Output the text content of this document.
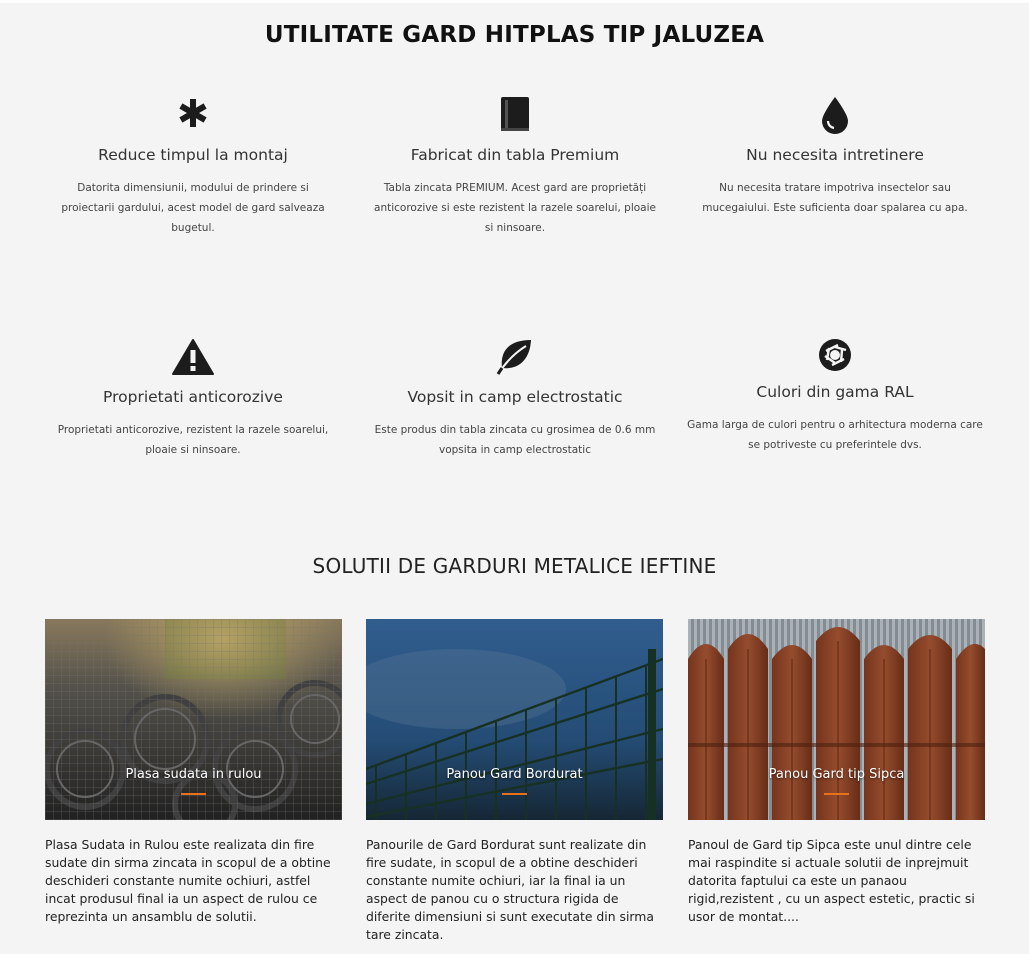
UTILITATE GARD HITPLAS TIP JALUZEA
Reduce timpul la montaj

Datorita dimensiunii, modului de prindere si proiectarii gardului, acest model de gard salveaza bugetul.

Fabricat din tabla Premium

Tabla zincata PREMIUM. Acest gard are proprietăți anticorozive si este rezistent la razele soarelui, ploaie si ninsoare.

Nu necesita intretinere

Nu necesita tratare impotriva insectelor sau mucegaiului. Este suficienta doar spalarea cu apa.

Proprietati anticorozive

Proprietati anticorozive, rezistent la razele soarelui, ploaie si ninsoare.

Vopsit in camp electrostatic

Este produs din tabla zincata cu grosimea de 0.6 mm vopsita in camp electrostatic

Culori din gama RAL

Gama larga de culori pentru o arhitectura moderna care se potriveste cu preferintele dvs.

SOLUTII DE GARDURI METALICE IEFTINE
Plasa sudata in rulou

Plasa Sudata in Rulou este realizata din fire sudate din sirma zincata in scopul de a obtine deschideri constante numite ochiuri, astfel incat produsul final ia un aspect de rulou ce reprezinta un ansamblu de solutii.

Panou Gard Bordurat

Panourile de Gard Bordurat sunt realizate din fire sudate, in scopul de a obtine deschideri constante numite ochiuri, iar la final ia un aspect de panou cu o structura rigida de diferite dimensiuni si sunt executate din sirma tare zincata.

Panou Gard tip Sipca

Panoul de Gard tip Sipca este unul dintre cele mai raspindite si actuale solutii de inprejmuit datorita faptului ca este un panaou rigid,rezistent , cu un aspect estetic, practic si usor de montat....
